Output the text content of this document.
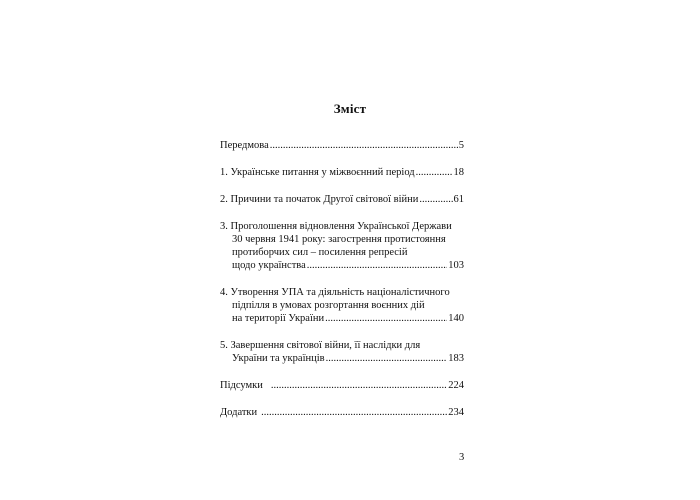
Зміст
Передмова .....	5
1. Українське питання у міжвоєнний період .....	18
2. Причини та початок Другої світової війни .....	61
3. Проголошення відновлення Української Держави
30 червня 1941 року: загострення протистояння
протиборчих сил – посилення репресій
щодо українства .....	103
4. Утворення УПА та діяльність націоналістичного
підпілля в умовах розгортання воєнних дій
на території України .....	140
5. Завершення світової війни, її наслідки для
України та українців .....	183
Підсумки .....	224
Додатки .....	234
3
